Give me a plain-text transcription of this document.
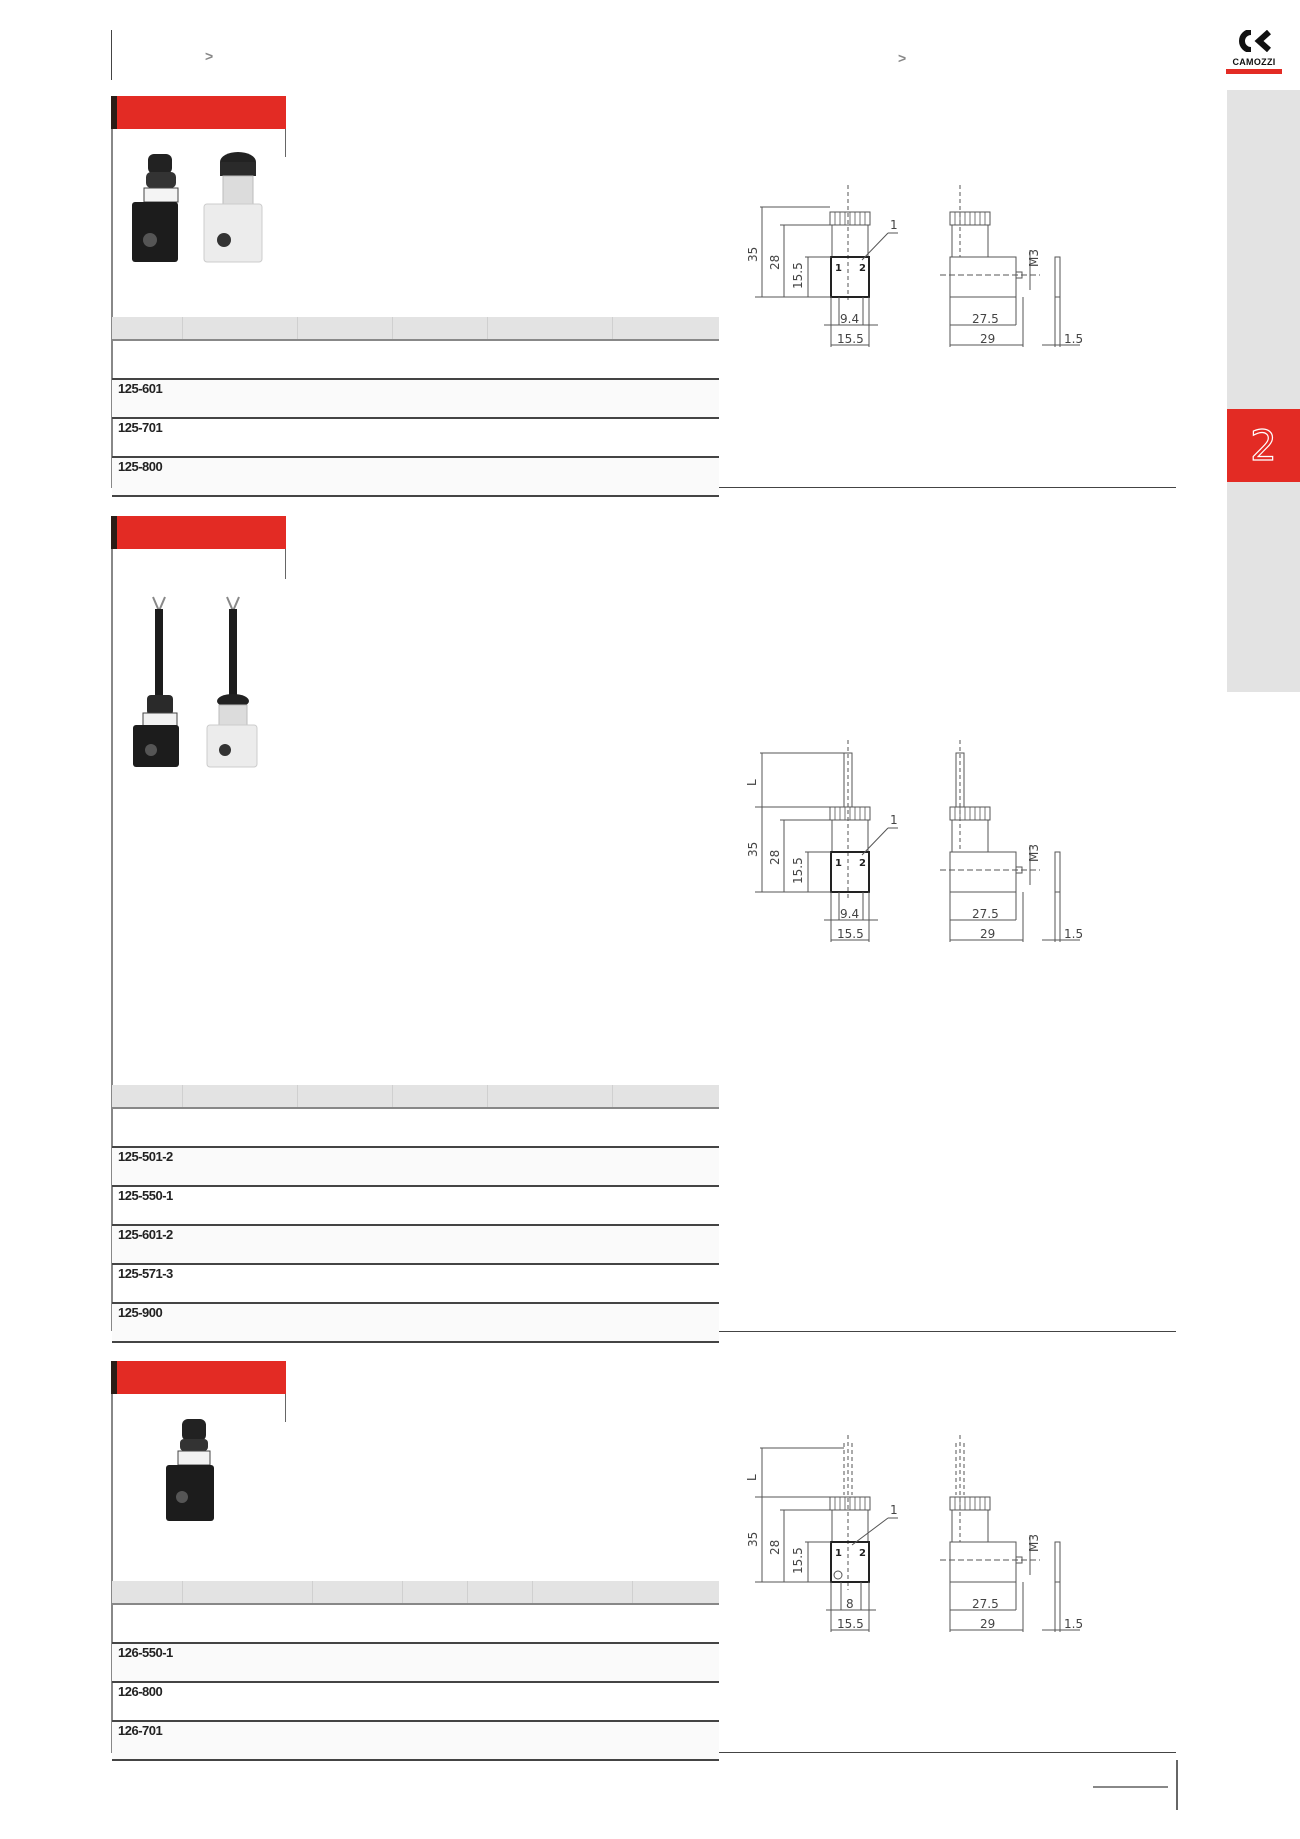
>	>	CAMOZZI
2
125-601
125-701
125-800
35
28 15.5
9.4
15.5
1
1 2
27.5
29
M3
1.5
125-501-2
125-550-1
125-601-2
125-571-3
125-900
L
35
28 15.5
9.4
15.5
1
1 2
27.5
29
M3
1.5
126-550-1
126-800
126-701
L
35
28 15.5
8
15.5
1
1 2
27.5
29
M3
1.5
